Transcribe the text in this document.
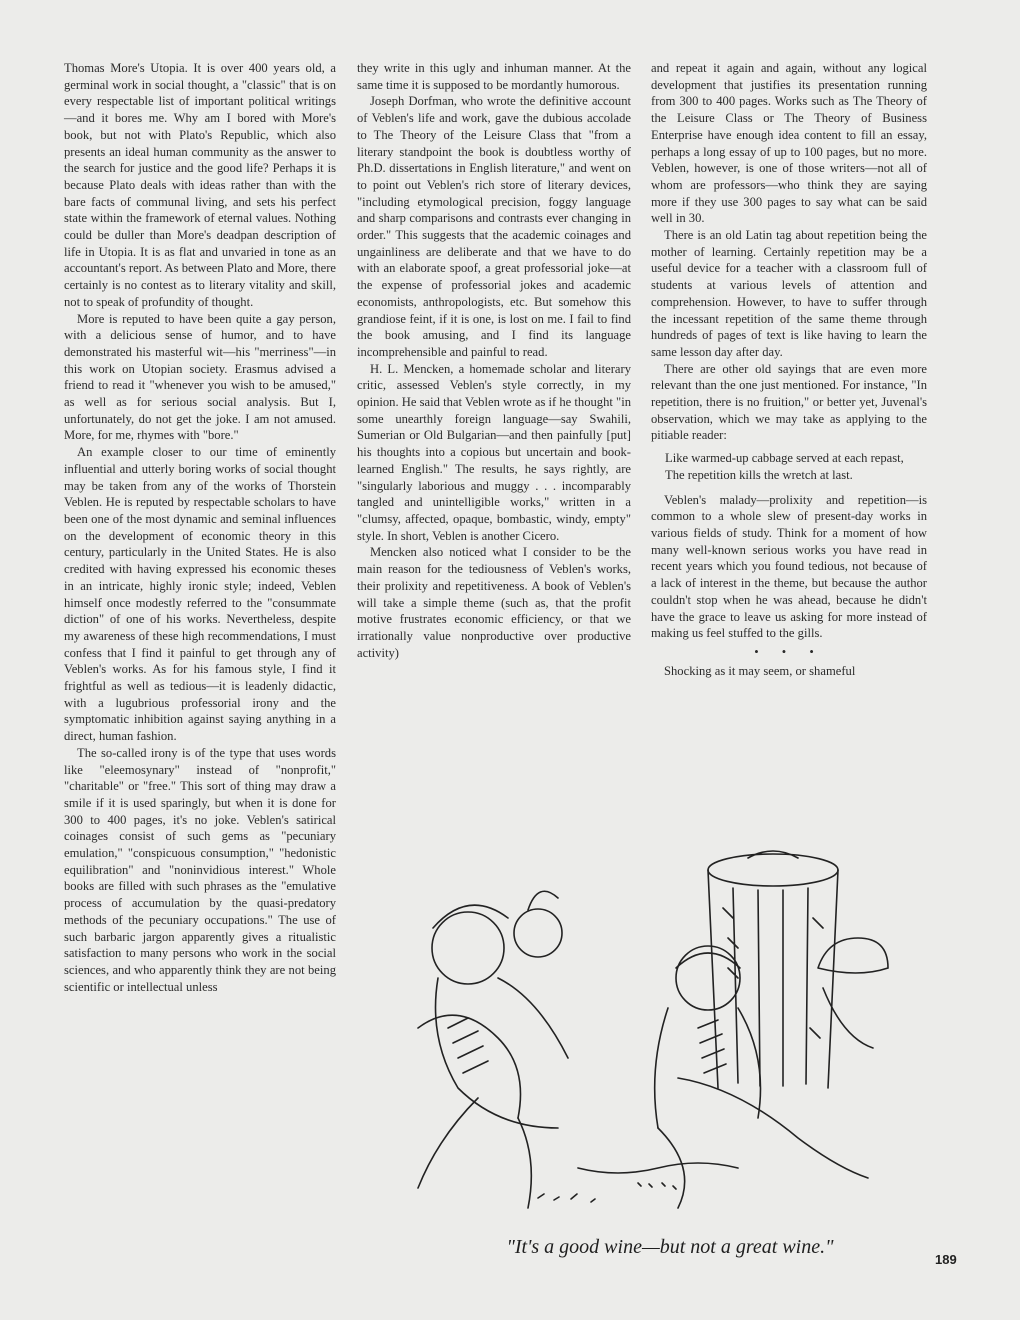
Thomas More's Utopia. It is over 400 years old, a germinal work in social thought, a "classic" that is on every respectable list of important political writings—and it bores me. Why am I bored with More's book, but not with Plato's Republic, which also presents an ideal human community as the answer to the search for justice and the good life? Perhaps it is because Plato deals with ideas rather than with the bare facts of communal living, and sets his perfect state within the framework of eternal values. Nothing could be duller than More's deadpan description of life in Utopia. It is as flat and unvaried in tone as an accountant's report. As between Plato and More, there certainly is no contest as to literary vitality and skill, not to speak of profundity of thought.

More is reputed to have been quite a gay person, with a delicious sense of humor, and to have demonstrated his masterful wit—his "merriness"—in this work on Utopian society. Erasmus advised a friend to read it "whenever you wish to be amused," as well as for serious social analysis. But I, unfortunately, do not get the joke. I am not amused. More, for me, rhymes with "bore."

An example closer to our time of eminently influential and utterly boring works of social thought may be taken from any of the works of Thorstein Veblen. He is reputed by respectable scholars to have been one of the most dynamic and seminal influences on the development of economic theory in this century, particularly in the United States. He is also credited with having expressed his economic theses in an intricate, highly ironic style; indeed, Veblen himself once modestly referred to the "consummate diction" of one of his works. Nevertheless, despite my awareness of these high recommendations, I must confess that I find it painful to get through any of Veblen's works. As for his famous style, I find it frightful as well as tedious—it is leadenly didactic, with a lugubrious professorial irony and the symptomatic inhibition against saying anything in a direct, human fashion.

The so-called irony is of the type that uses words like "eleemosynary" instead of "nonprofit," "charitable" or "free." This sort of thing may draw a smile if it is used sparingly, but when it is done for 300 to 400 pages, it's no joke. Veblen's satirical coinages consist of such gems as "pecuniary emulation," "conspicuous consumption," "hedonistic equilibration" and "noninvidious interest." Whole books are filled with such phrases as the "emulative process of accumulation by the quasi-predatory methods of the pecuniary occupations." The use of such barbaric jargon apparently gives a ritualistic satisfaction to many persons who work in the social sciences, and who apparently think they are not being scientific or intellectual unless

they write in this ugly and inhuman manner. At the same time it is supposed to be mordantly humorous.

Joseph Dorfman, who wrote the definitive account of Veblen's life and work, gave the dubious accolade to The Theory of the Leisure Class that "from a literary standpoint the book is doubtless worthy of Ph.D. dissertations in English literature," and went on to point out Veblen's rich store of literary devices, "including etymological precision, foggy language and sharp comparisons and contrasts ever changing in order." This suggests that the academic coinages and ungainliness are deliberate and that we have to do with an elaborate spoof, a great professorial joke—at the expense of professorial jokes and academic economists, anthropologists, etc. But somehow this grandiose feint, if it is one, is lost on me. I fail to find the book amusing, and I find its language incomprehensible and painful to read.

H. L. Mencken, a homemade scholar and literary critic, assessed Veblen's style correctly, in my opinion. He said that Veblen wrote as if he thought "in some unearthly foreign language—say Swahili, Sumerian or Old Bulgarian—and then painfully [put] his thoughts into a copious but uncertain and book-learned English." The results, he says rightly, are "singularly laborious and muggy . . . incomparably tangled and unintelligible works," written in a "clumsy, affected, opaque, bombastic, windy, empty" style. In short, Veblen is another Cicero.

Mencken also noticed what I consider to be the main reason for the tediousness of Veblen's works, their prolixity and repetitiveness. A book of Veblen's will take a simple theme (such as, that the profit motive frustrates economic efficiency, or that we irrationally value nonproductive over productive activity)

and repeat it again and again, without any logical development that justifies its presentation running from 300 to 400 pages. Works such as The Theory of the Leisure Class or The Theory of Business Enterprise have enough idea content to fill an essay, perhaps a long essay of up to 100 pages, but no more. Veblen, however, is one of those writers—not all of whom are professors—who think they are saying more if they use 300 pages to say what can be said well in 30.

There is an old Latin tag about repetition being the mother of learning. Certainly repetition may be a useful device for a teacher with a classroom full of students at various levels of attention and comprehension. However, to have to suffer through the incessant repetition of the same theme through hundreds of pages of text is like having to learn the same lesson day after day.

There are other old sayings that are even more relevant than the one just mentioned. For instance, "In repetition, there is no fruition," or better yet, Juvenal's observation, which we may take as applying to the pitiable reader:

Like warmed-up cabbage served at each repast,
The repetition kills the wretch at last.

Veblen's malady—prolixity and repetition—is common to a whole slew of present-day works in various fields of study. Think for a moment of how many well-known serious works you have read in recent years which you found tedious, not because of a lack of interest in the theme, but because the author couldn't stop when he was ahead, because he didn't have the grace to leave us asking for more instead of making us feel stuffed to the gills.

• • •

Shocking as it may seem, or shameful

"It's a good wine—but not a great wine."
189
